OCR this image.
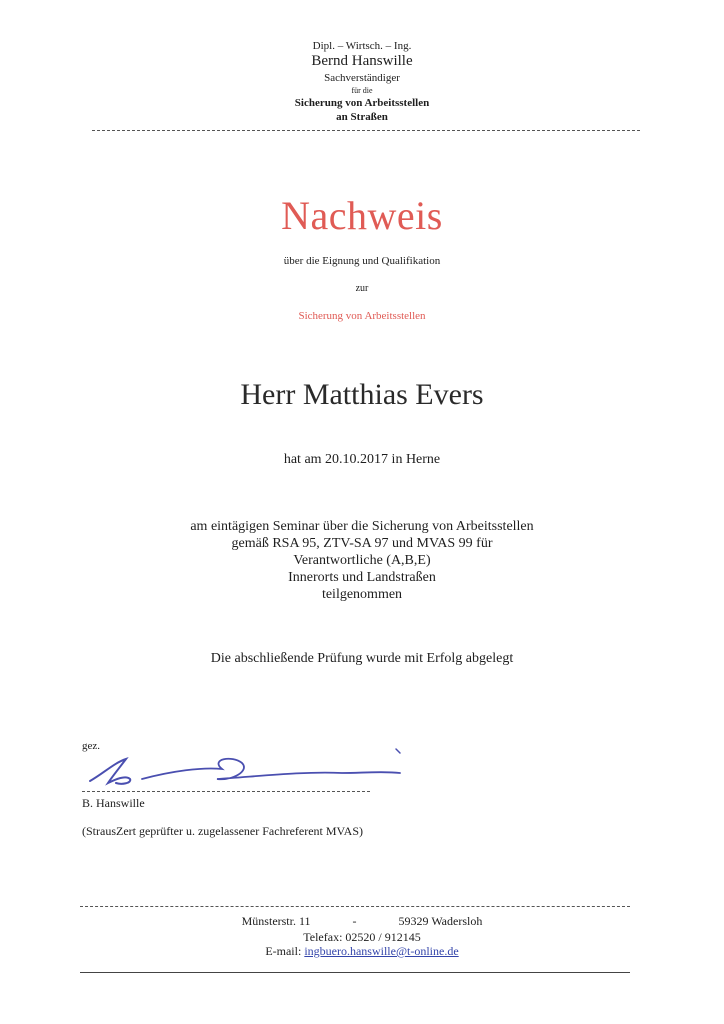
Dipl. – Wirtsch. – Ing.
Bernd Hanswille
Sachverständiger
für die
Sicherung von Arbeitsstellen
an Straßen
Nachweis
über die Eignung und Qualifikation
zur
Sicherung von Arbeitsstellen
Herr Matthias Evers
hat am 20.10.2017 in Herne
am eintägigen Seminar über die Sicherung von Arbeitsstellen
gemäß RSA 95, ZTV-SA 97 und MVAS 99 für
Verantwortliche (A,B,E)
Innerorts und Landstraßen
teilgenommen
Die abschließende Prüfung wurde mit Erfolg abgelegt
gez.
B. Hanswille
(StrausZert geprüfter u. zugelassener Fachreferent MVAS)
Münsterstr. 11	-	59329 Wadersloh
Telefax: 02520 / 912145
E-mail: ingbuero.hanswille@t-online.de
